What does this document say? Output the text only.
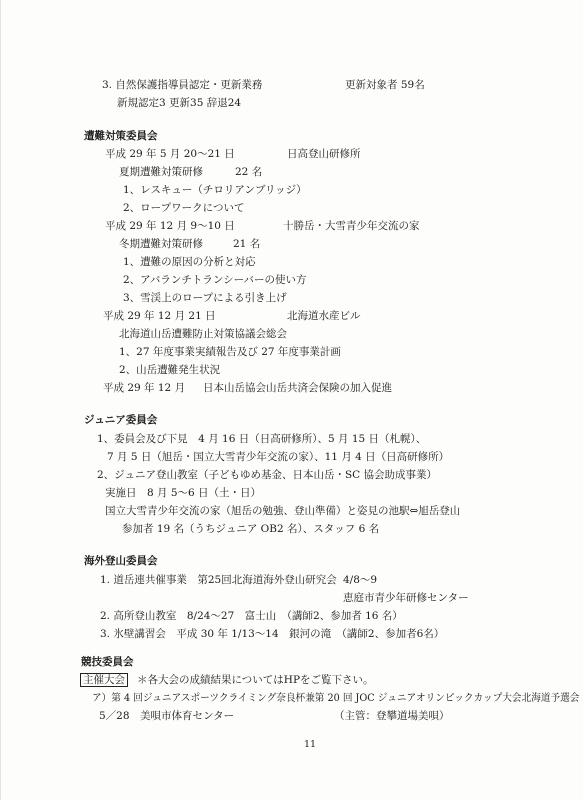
3. 自然保護指導員認定・更新業務	更新対象者 59名
新規認定3 更新35 辞退24
遭難対策委員会
平成 29 年 5 月 20～21 日	日高登山研修所
夏期遭難対策研修	22 名
1、レスキュー（チロリアンブリッジ）
2、ロープワークについて
平成 29 年 12 月 9～10 日	十勝岳・大雪青少年交流の家
冬期遭難対策研修	21 名
1、遭難の原因の分析と対応
2、アバランチトランシーバーの使い方
3、雪渓上のロープによる引き上げ
平成 29 年 12 月 21 日	北海道水産ビル
北海道山岳遭難防止対策協議会総会
1、27 年度事業実績報告及び 27 年度事業計画
2、山岳遭難発生状況
平成 29 年 12 月 日本山岳協会山岳共済会保険の加入促進
ジュニア委員会
1、委員会及び下見　4 月 16 日（日高研修所）、5 月 15 日（札幌）、
7 月 5 日（旭岳・国立大雪青少年交流の家）、11 月 4 日（日高研修所）
2、ジュニア登山教室（子どもゆめ基金、日本山岳・SC 協会助成事業）
実施日　8 月 5～6 日（土・日）
国立大雪青少年交流の家（旭岳の勉強、登山準備）と姿見の池駅⇔旭岳登山
参加者 19 名（うちジュニア OB2 名）、スタッフ 6 名
海外登山委員会
1. 道岳連共催事業　第25回北海道海外登山研究会 4/8～9
恵庭市青少年研修センター
2. 高所登山教室　8/24～27　富士山　（講師2、参加者 16 名）
3. 氷壁講習会　平成 30 年 1/13～14　銀河の滝　（講師2、参加者6名）
競技委員会
主催大会 ＊各大会の成績結果についてはHPをご覧下さい。
ア）第 4 回ジュニアスポーツクライミング奈良杯兼第 20 回 JOC ジュニアオリンピックカップ大会北海道予選会
5／28　美唄市体育センター	（主管：登攀道場美唄）
11
